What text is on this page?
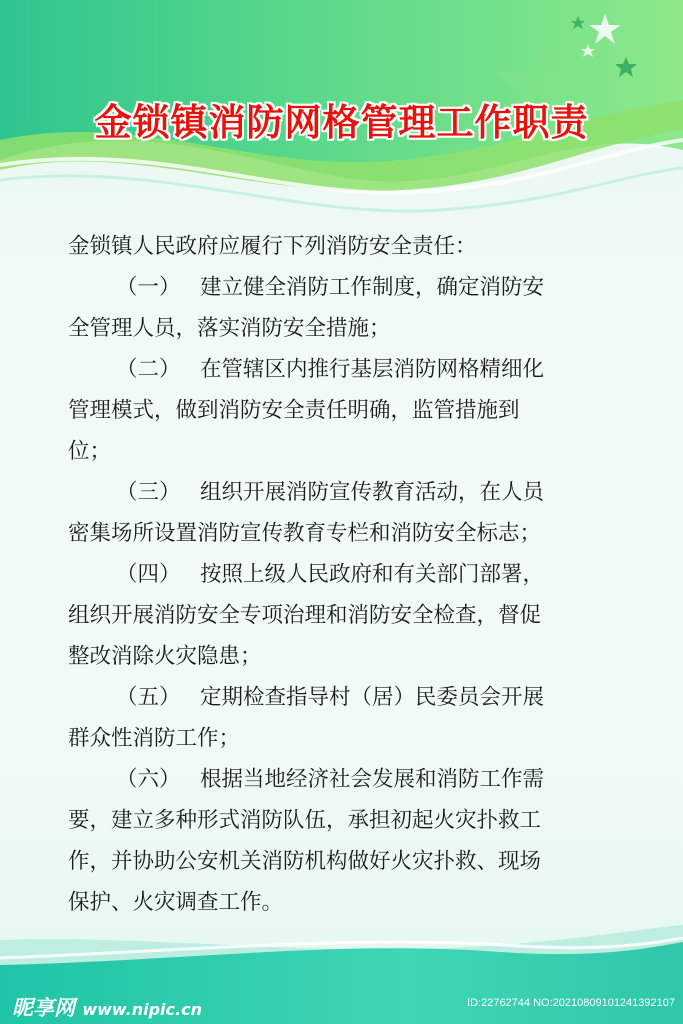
金锁镇消防网格管理工作职责

金锁镇人民政府应履行下列消防安全责任：

（一） 建立健全消防工作制度，确定消防安

全管理人员，落实消防安全措施；

（二） 在管辖区内推行基层消防网格精细化

管理模式，做到消防安全责任明确，监管措施到

位；

（三） 组织开展消防宣传教育活动，在人员

密集场所设置消防宣传教育专栏和消防安全标志；

（四） 按照上级人民政府和有关部门部署，

组织开展消防安全专项治理和消防安全检查，督促

整改消除火灾隐患；

（五） 定期检查指导村（居）民委员会开展

群众性消防工作；

（六） 根据当地经济社会发展和消防工作需

要，建立多种形式消防队伍，承担初起火灾扑救工

作，并协助公安机关消防机构做好火灾扑救、现场

保护、火灾调查工作。

昵享网 www.nipic.cn	ID:22762744 NO:20210809101241392107
